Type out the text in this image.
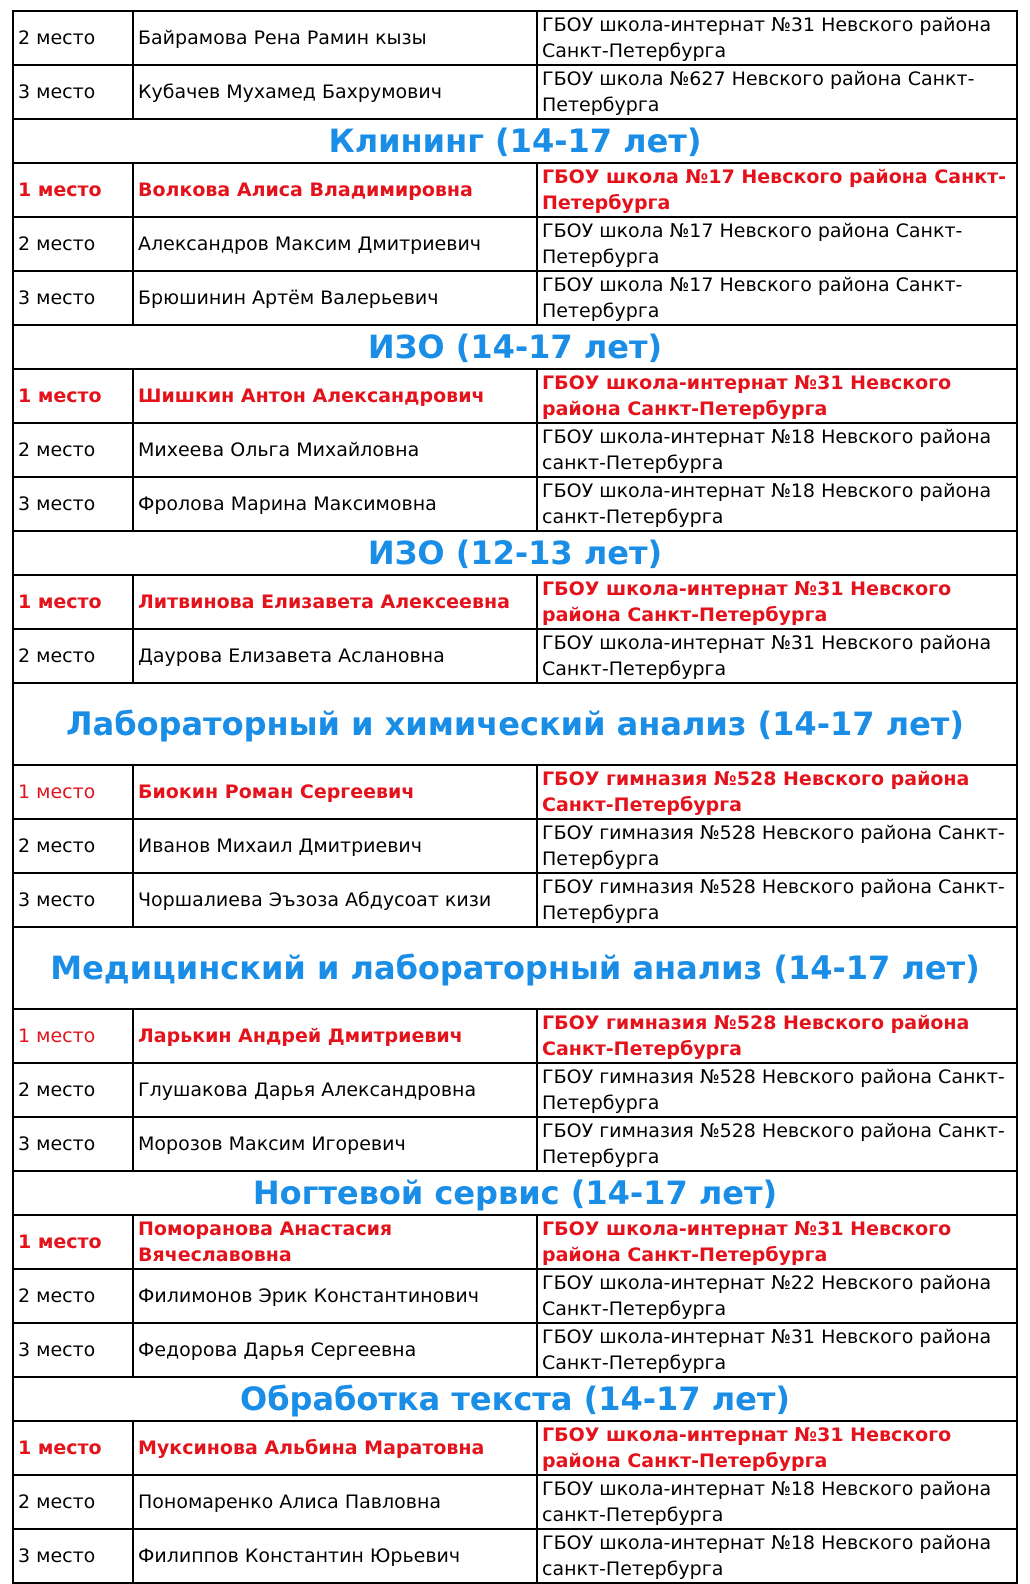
2 место	Байрамова Рена Рамин кызы	ГБОУ школа-интернат №31 Невского района Санкт-Петербурга
3 место	Кубачев Мухамед Бахрумович	ГБОУ школа №627 Невского района Санкт-Петербурга
Клининг (14-17 лет)		
1 место	Волкова Алиса Владимировна	ГБОУ школа №17 Невского района Санкт-Петербурга
2 место	Александров Максим Дмитриевич	ГБОУ школа №17 Невского района Санкт-Петербурга
3 место	Брюшинин Артём Валерьевич	ГБОУ школа №17 Невского района Санкт-Петербурга
ИЗО (14-17 лет)		
1 место	Шишкин Антон Александрович	ГБОУ школа-интернат №31 Невского района Санкт-Петербурга
2 место	Михеева Ольга Михайловна	ГБОУ школа-интернат №18 Невского района санкт-Петербурга
3 место	Фролова Марина Максимовна	ГБОУ школа-интернат №18 Невского района санкт-Петербурга
ИЗО (12-13 лет)		
1 место	Литвинова Елизавета Алексеевна	ГБОУ школа-интернат №31 Невского района Санкт-Петербурга
2 место	Даурова Елизавета Аслановна	ГБОУ школа-интернат №31 Невского района Санкт-Петербурга
Лабораторный и химический анализ (14-17 лет)		
1 место	Биокин Роман Сергеевич	ГБОУ гимназия №528 Невского района Санкт-Петербурга
2 место	Иванов Михаил Дмитриевич	ГБОУ гимназия №528 Невского района Санкт-Петербурга
3 место	Чоршалиева Эъзоза Абдусоат кизи	ГБОУ гимназия №528 Невского района Санкт-Петербурга
Медицинский и лабораторный анализ (14-17 лет)		
1 место	Ларькин Андрей Дмитриевич	ГБОУ гимназия №528 Невского района Санкт-Петербурга
2 место	Глушакова Дарья Александровна	ГБОУ гимназия №528 Невского района Санкт-Петербурга
3 место	Морозов Максим Игоревич	ГБОУ гимназия №528 Невского района Санкт-Петербурга
Ногтевой сервис (14-17 лет)		
1 место	Поморанова Анастасия Вячеславовна	ГБОУ школа-интернат №31 Невского района Санкт-Петербурга
2 место	Филимонов Эрик Константинович	ГБОУ школа-интернат №22 Невского района Санкт-Петербурга
3 место	Федорова Дарья Сергеевна	ГБОУ школа-интернат №31 Невского района Санкт-Петербурга
Обработка текста (14-17 лет)		
1 место	Муксинова Альбина Маратовна	ГБОУ школа-интернат №31 Невского района Санкт-Петербурга
2 место	Пономаренко Алиса Павловна	ГБОУ школа-интернат №18 Невского района санкт-Петербурга
3 место	Филиппов Константин Юрьевич	ГБОУ школа-интернат №18 Невского района санкт-Петербурга
